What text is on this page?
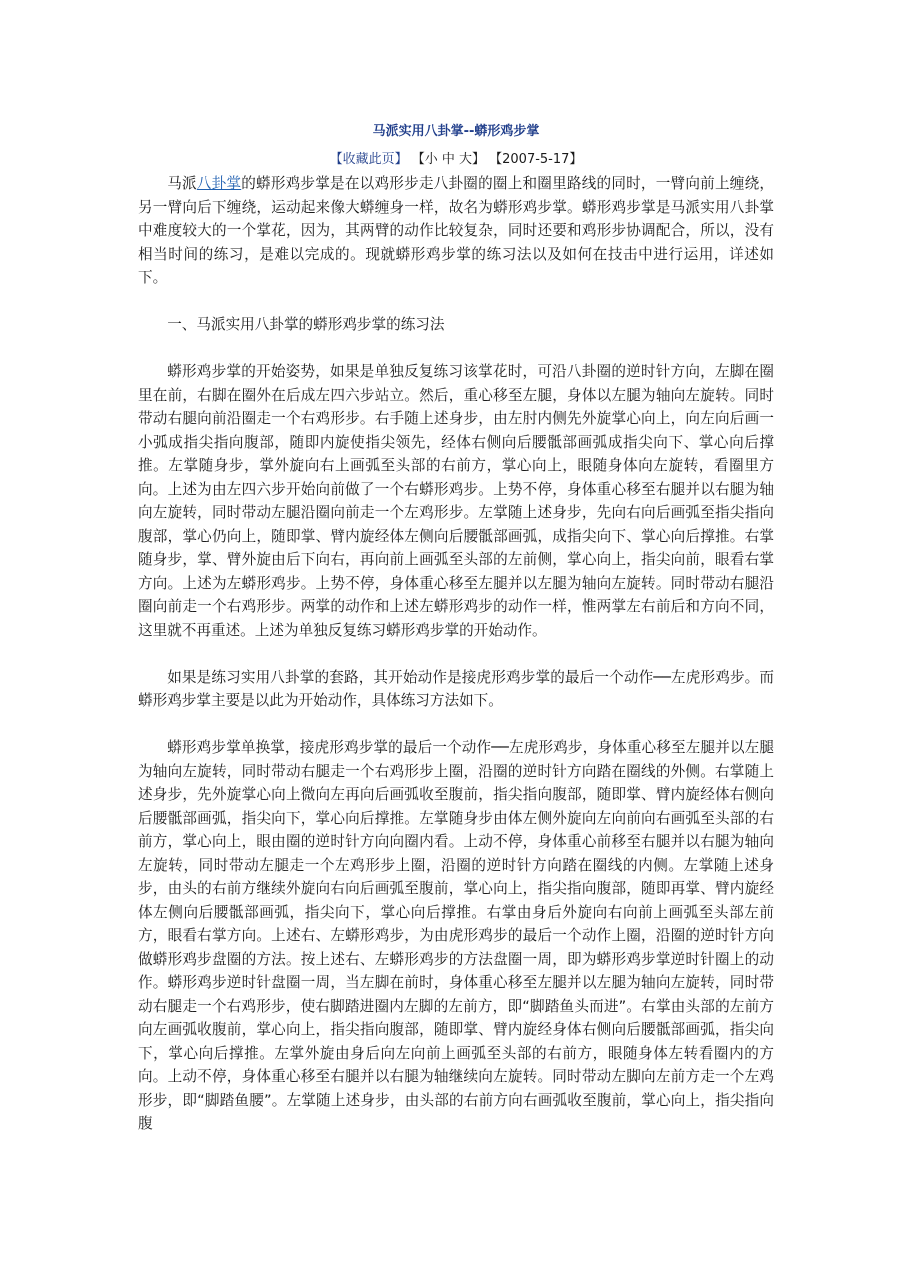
马派实用八卦掌--蟒形鸡步掌
【收藏此页】 【小 中 大】 【2007-5-17】

马派八卦掌的蟒形鸡步掌是在以鸡形步走八卦圈的圈上和圈里路线的同时，一臂向前上缠绕，另一臂向后下缠绕，运动起来像大蟒缠身一样，故名为蟒形鸡步掌。蟒形鸡步掌是马派实用八卦掌中难度较大的一个掌花，因为，其两臂的动作比较复杂，同时还要和鸡形步协调配合，所以，没有相当时间的练习，是难以完成的。现就蟒形鸡步掌的练习法以及如何在技击中进行运用，详述如下。

一、马派实用八卦掌的蟒形鸡步掌的练习法

蟒形鸡步掌的开始姿势，如果是单独反复练习该掌花时，可沿八卦圈的逆时针方向，左脚在圈里在前，右脚在圈外在后成左四六步站立。然后，重心移至左腿，身体以左腿为轴向左旋转。同时带动右腿向前沿圈走一个右鸡形步。右手随上述身步，由左肘内侧先外旋掌心向上，向左向后画一小弧成指尖指向腹部，随即内旋使指尖领先，经体右侧向后腰骶部画弧成指尖向下、掌心向后撑推。左掌随身步，掌外旋向右上画弧至头部的右前方，掌心向上，眼随身体向左旋转，看圈里方向。上述为由左四六步开始向前做了一个右蟒形鸡步。上势不停，身体重心移至右腿并以右腿为轴向左旋转，同时带动左腿沿圈向前走一个左鸡形步。左掌随上述身步，先向右向后画弧至指尖指向腹部，掌心仍向上，随即掌、臂内旋经体左侧向后腰骶部画弧，成指尖向下、掌心向后撑推。右掌随身步，掌、臂外旋由后下向右，再向前上画弧至头部的左前侧，掌心向上，指尖向前，眼看右掌方向。上述为左蟒形鸡步。上势不停，身体重心移至左腿并以左腿为轴向左旋转。同时带动右腿沿圈向前走一个右鸡形步。两掌的动作和上述左蟒形鸡步的动作一样，惟两掌左右前后和方向不同，这里就不再重述。上述为单独反复练习蟒形鸡步掌的开始动作。

如果是练习实用八卦掌的套路，其开始动作是接虎形鸡步掌的最后一个动作──左虎形鸡步。而蟒形鸡步掌主要是以此为开始动作，具体练习方法如下。

蟒形鸡步掌单换掌，接虎形鸡步掌的最后一个动作──左虎形鸡步，身体重心移至左腿并以左腿为轴向左旋转，同时带动右腿走一个右鸡形步上圈，沿圈的逆时针方向踏在圈线的外侧。右掌随上述身步，先外旋掌心向上微向左再向后画弧收至腹前，指尖指向腹部，随即掌、臂内旋经体右侧向后腰骶部画弧，指尖向下，掌心向后撑推。左掌随身步由体左侧外旋向左向前向右画弧至头部的右前方，掌心向上，眼由圈的逆时针方向向圈内看。上动不停，身体重心前移至右腿并以右腿为轴向左旋转，同时带动左腿走一个左鸡形步上圈，沿圈的逆时针方向踏在圈线的内侧。左掌随上述身步，由头的右前方继续外旋向右向后画弧至腹前，掌心向上，指尖指向腹部，随即再掌、臂内旋经体左侧向后腰骶部画弧，指尖向下，掌心向后撑推。右掌由身后外旋向右向前上画弧至头部左前方，眼看右掌方向。上述右、左蟒形鸡步，为由虎形鸡步的最后一个动作上圈，沿圈的逆时针方向做蟒形鸡步盘圈的方法。按上述右、左蟒形鸡步的方法盘圈一周，即为蟒形鸡步掌逆时针圈上的动作。蟒形鸡步逆时针盘圈一周，当左脚在前时，身体重心移至左腿并以左腿为轴向左旋转，同时带动右腿走一个右鸡形步，使右脚踏进圈内左脚的左前方，即“脚踏鱼头而进”。右掌由头部的左前方向左画弧收腹前，掌心向上，指尖指向腹部，随即掌、臂内旋经身体右侧向后腰骶部画弧，指尖向下，掌心向后撑推。左掌外旋由身后向左向前上画弧至头部的右前方，眼随身体左转看圈内的方向。上动不停，身体重心移至右腿并以右腿为轴继续向左旋转。同时带动左脚向左前方走一个左鸡形步，即“脚踏鱼腰”。左掌随上述身步，由头部的右前方向右画弧收至腹前，掌心向上，指尖指向腹
